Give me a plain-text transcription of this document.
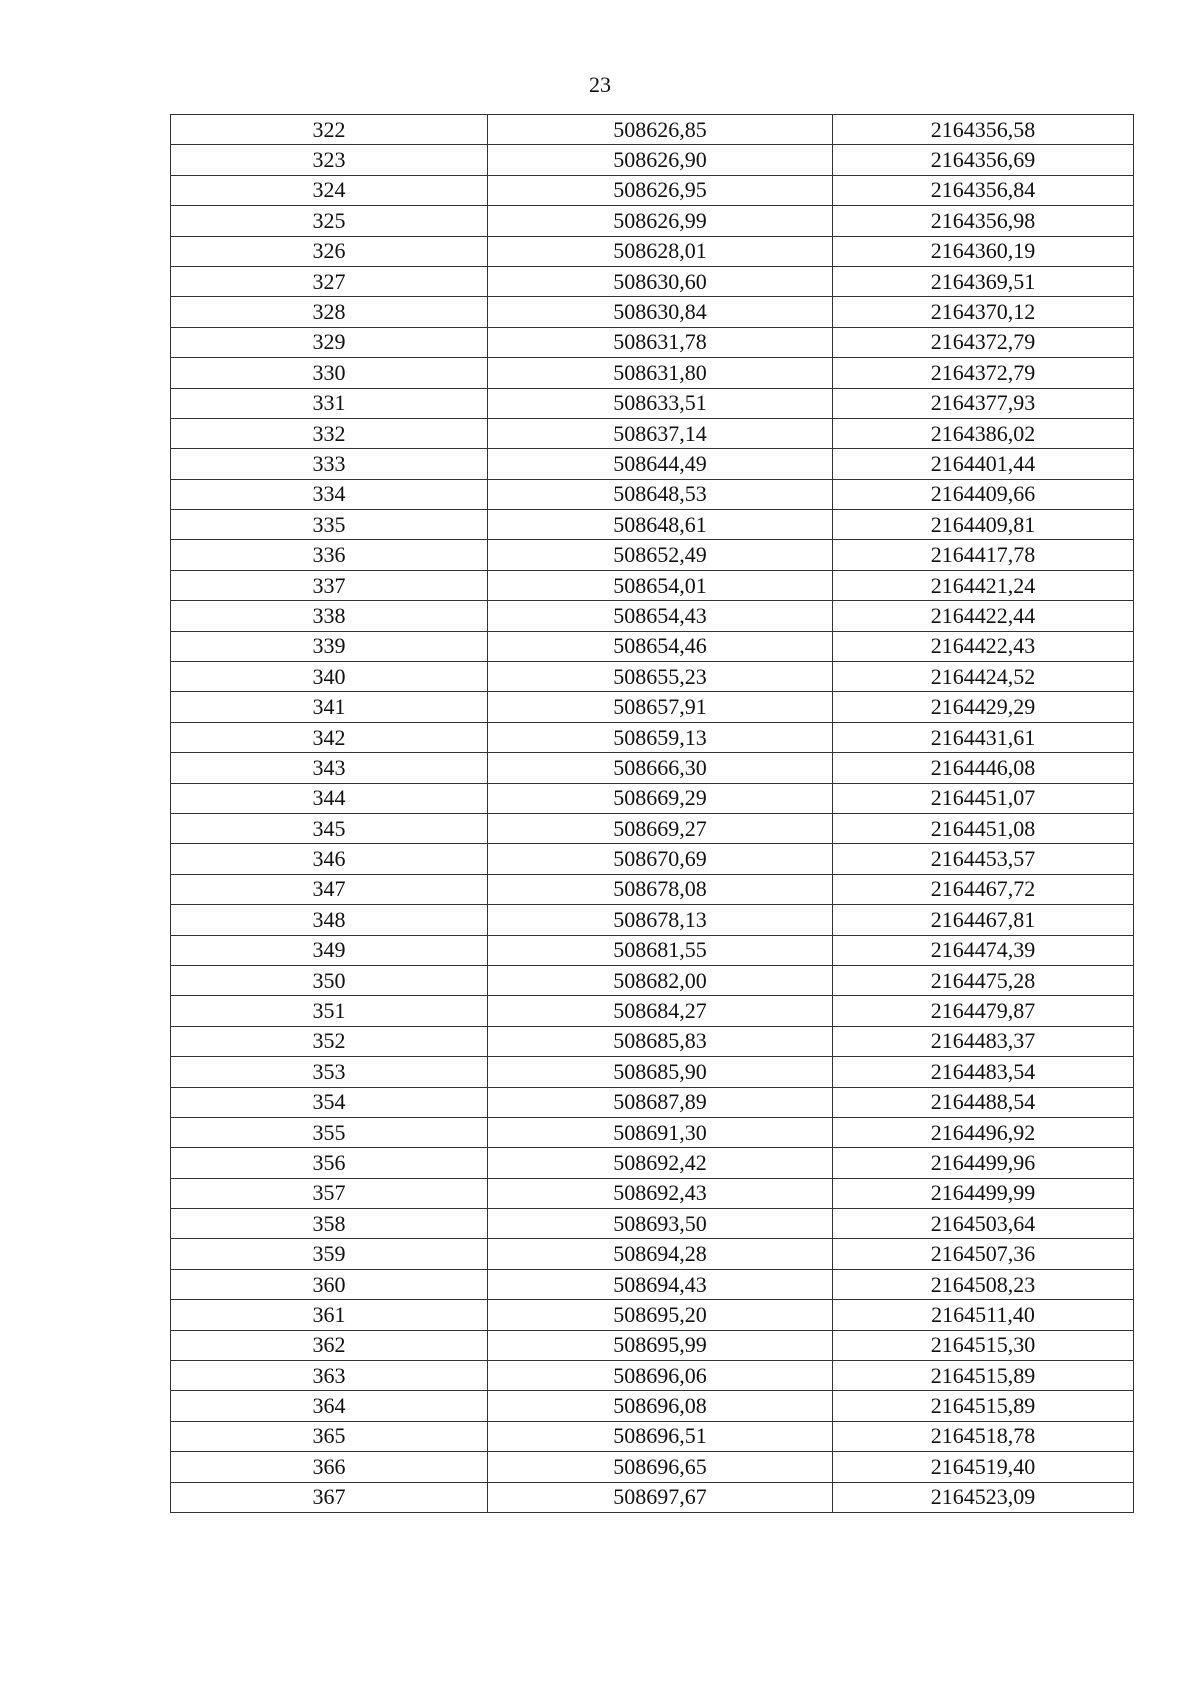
23
322	508626,85	2164356,58
323	508626,90	2164356,69
324	508626,95	2164356,84
325	508626,99	2164356,98
326	508628,01	2164360,19
327	508630,60	2164369,51
328	508630,84	2164370,12
329	508631,78	2164372,79
330	508631,80	2164372,79
331	508633,51	2164377,93
332	508637,14	2164386,02
333	508644,49	2164401,44
334	508648,53	2164409,66
335	508648,61	2164409,81
336	508652,49	2164417,78
337	508654,01	2164421,24
338	508654,43	2164422,44
339	508654,46	2164422,43
340	508655,23	2164424,52
341	508657,91	2164429,29
342	508659,13	2164431,61
343	508666,30	2164446,08
344	508669,29	2164451,07
345	508669,27	2164451,08
346	508670,69	2164453,57
347	508678,08	2164467,72
348	508678,13	2164467,81
349	508681,55	2164474,39
350	508682,00	2164475,28
351	508684,27	2164479,87
352	508685,83	2164483,37
353	508685,90	2164483,54
354	508687,89	2164488,54
355	508691,30	2164496,92
356	508692,42	2164499,96
357	508692,43	2164499,99
358	508693,50	2164503,64
359	508694,28	2164507,36
360	508694,43	2164508,23
361	508695,20	2164511,40
362	508695,99	2164515,30
363	508696,06	2164515,89
364	508696,08	2164515,89
365	508696,51	2164518,78
366	508696,65	2164519,40
367	508697,67	2164523,09
